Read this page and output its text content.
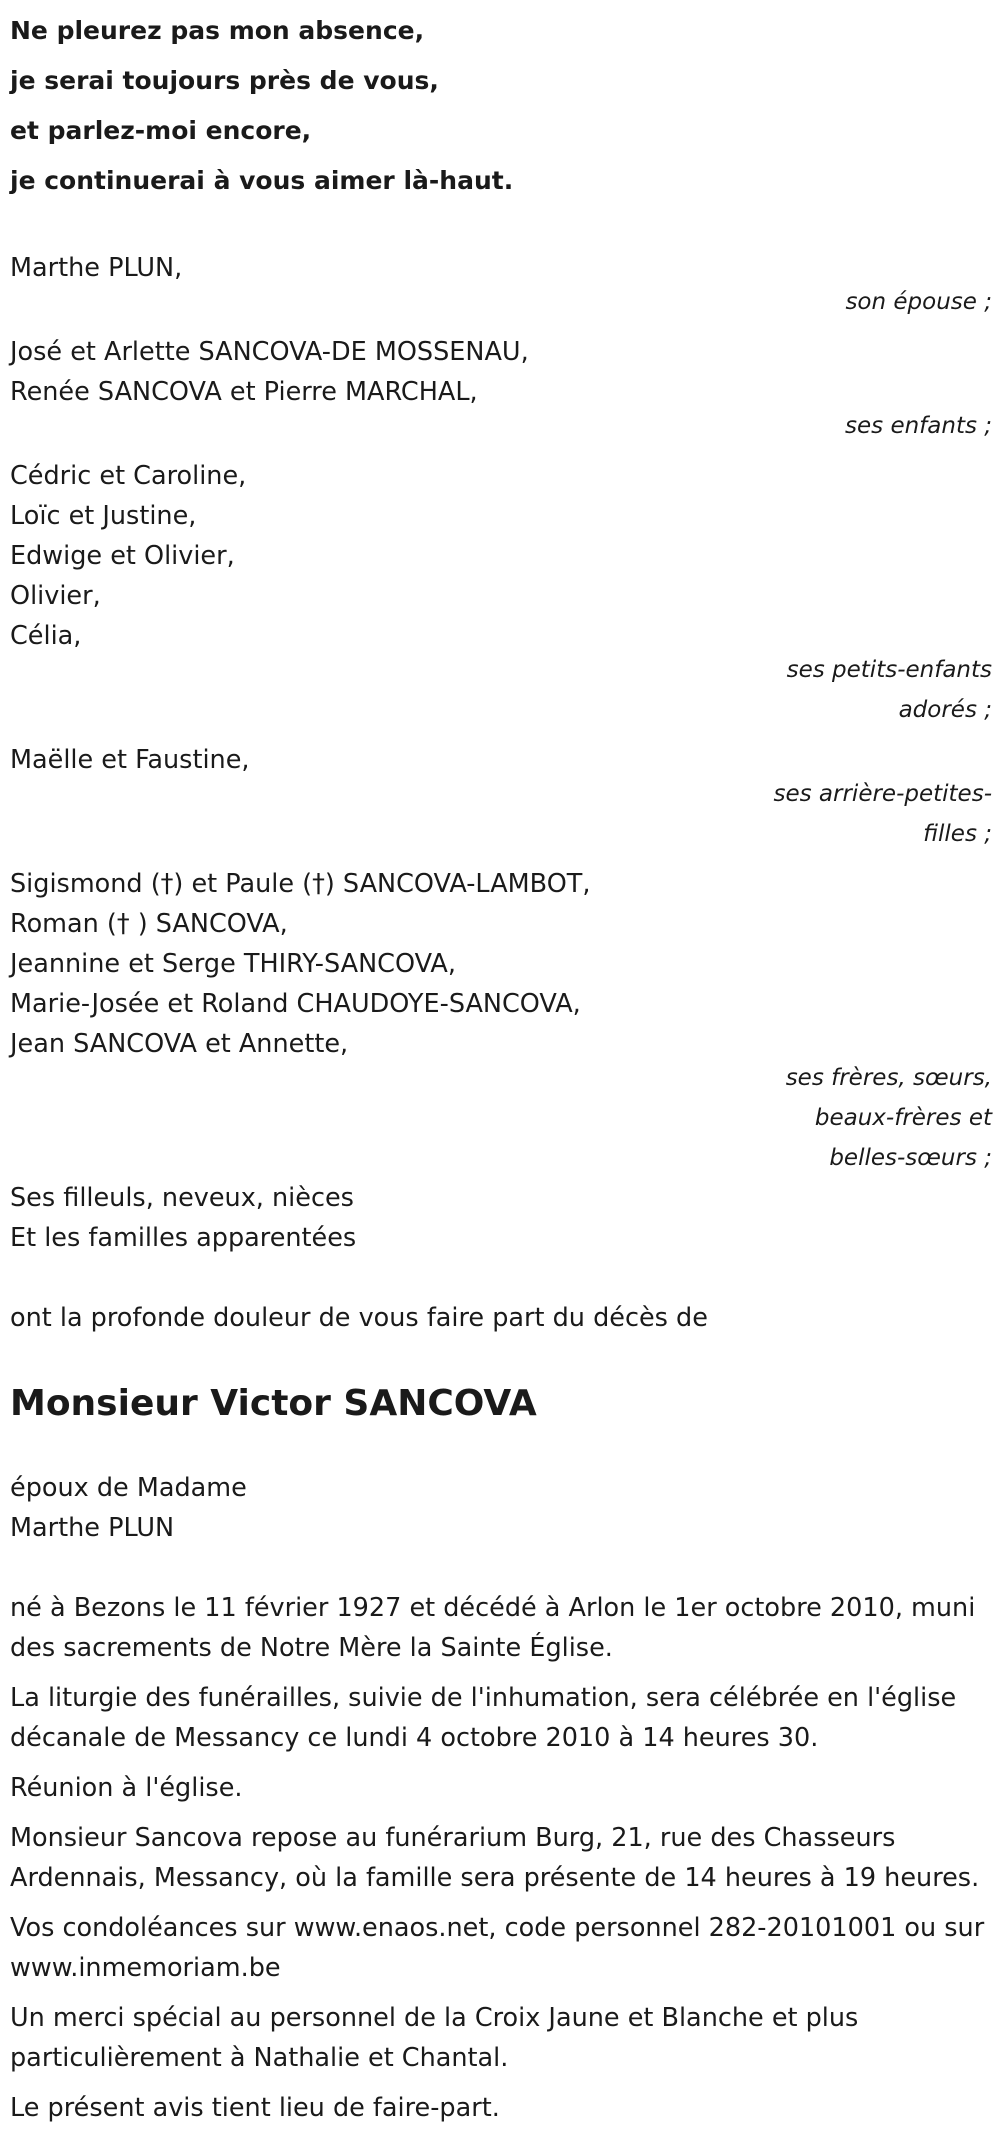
Ne pleurez pas mon absence,
je serai toujours près de vous,
et parlez-moi encore,
je continuerai à vous aimer là-haut.
Marthe PLUN,
son épouse ;
José et Arlette SANCOVA-DE MOSSENAU,
Renée SANCOVA et Pierre MARCHAL,
ses enfants ;
Cédric et Caroline,
Loïc et Justine,
Edwige et Olivier,
Olivier,
Célia,
ses petits-enfants
adorés ;
Maëlle et Faustine,
ses arrière-petites-
filles ;
Sigismond (†) et Paule (†) SANCOVA-LAMBOT,
Roman († ) SANCOVA,
Jeannine et Serge THIRY-SANCOVA,
Marie-Josée et Roland CHAUDOYE-SANCOVA,
Jean SANCOVA et Annette,
ses frères, sœurs,
beaux-frères et
belles-sœurs ;
Ses filleuls, neveux, nièces
Et les familles apparentées
ont la profonde douleur de vous faire part du décès de
Monsieur Victor SANCOVA
époux de Madame
Marthe PLUN

né à Bezons le 11 février 1927 et décédé à Arlon le 1er octobre 2010, muni des sacrements de Notre Mère la Sainte Église.

La liturgie des funérailles, suivie de l'inhumation, sera célébrée en l'église décanale de Messancy ce lundi 4 octobre 2010 à 14 heures 30.

Réunion à l'église.

Monsieur Sancova repose au funérarium Burg, 21, rue des Chasseurs Ardennais, Messancy, où la famille sera présente de 14 heures à 19 heures.

Vos condoléances sur www.enaos.net, code personnel 282-20101001 ou sur www.inmemoriam.be

Un merci spécial au personnel de la Croix Jaune et Blanche et plus particulièrement à Nathalie et Chantal.

Le présent avis tient lieu de faire-part.
